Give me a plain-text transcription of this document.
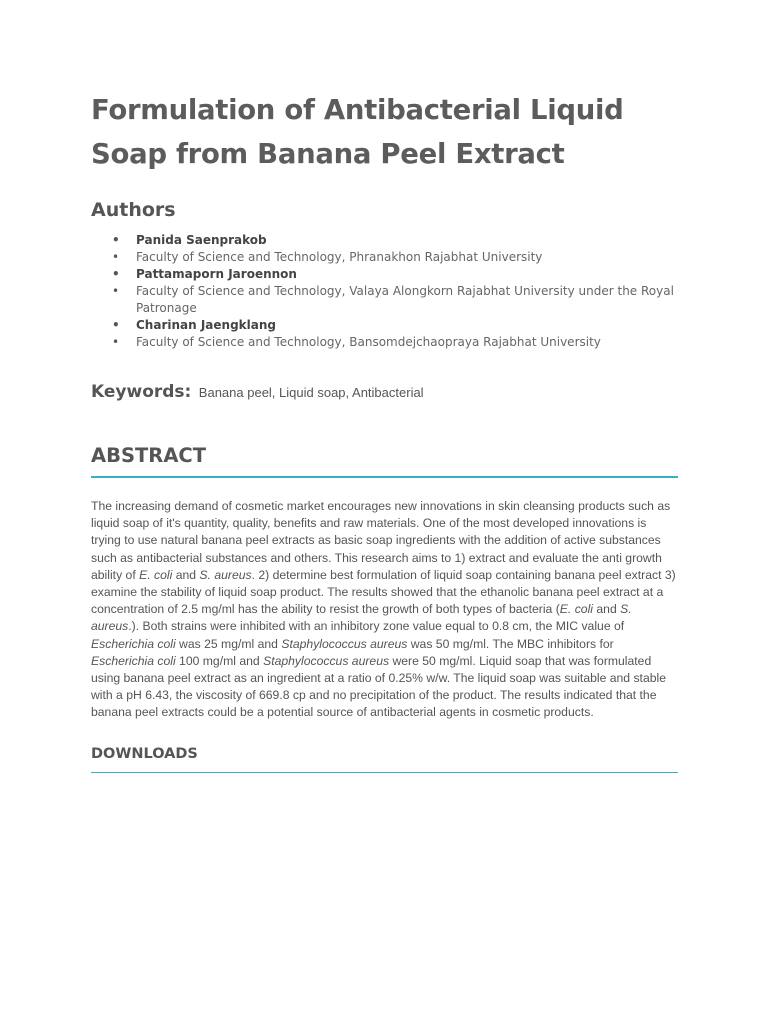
Formulation of Antibacterial Liquid Soap from Banana Peel Extract
Authors
• Panida Saenprakob
• Faculty of Science and Technology, Phranakhon Rajabhat University
• Pattamaporn Jaroennon
• Faculty of Science and Technology, Valaya Alongkorn Rajabhat University under the Royal Patronage
• Charinan Jaengklang
• Faculty of Science and Technology, Bansomdejchaopraya Rajabhat University
Keywords: Banana peel, Liquid soap, Antibacterial
ABSTRACT

The increasing demand of cosmetic market encourages new innovations in skin cleansing products such as liquid soap of it's quantity, quality, benefits and raw materials. One of the most developed innovations is trying to use natural banana peel extracts as basic soap ingredients with the addition of active substances such as antibacterial substances and others. This research aims to 1) extract and evaluate the anti growth ability of E. coli and S. aureus. 2) determine best formulation of liquid soap containing banana peel extract 3) examine the stability of liquid soap product. The results showed that the ethanolic banana peel extract at a concentration of 2.5 mg/ml has the ability to resist the growth of both types of bacteria (E. coli and S. aureus.). Both strains were inhibited with an inhibitory zone value equal to 0.8 cm, the MIC value of Escherichia coli was 25 mg/ml and Staphylococcus aureus was 50 mg/ml. The MBC inhibitors for Escherichia coli 100 mg/ml and Staphylococcus aureus were 50 mg/ml. Liquid soap that was formulated using banana peel extract as an ingredient at a ratio of 0.25% w/w. The liquid soap was suitable and stable with a pH 6.43, the viscosity of 669.8 cp and no precipitation of the product. The results indicated that the banana peel extracts could be a potential source of antibacterial agents in cosmetic products.

DOWNLOADS
